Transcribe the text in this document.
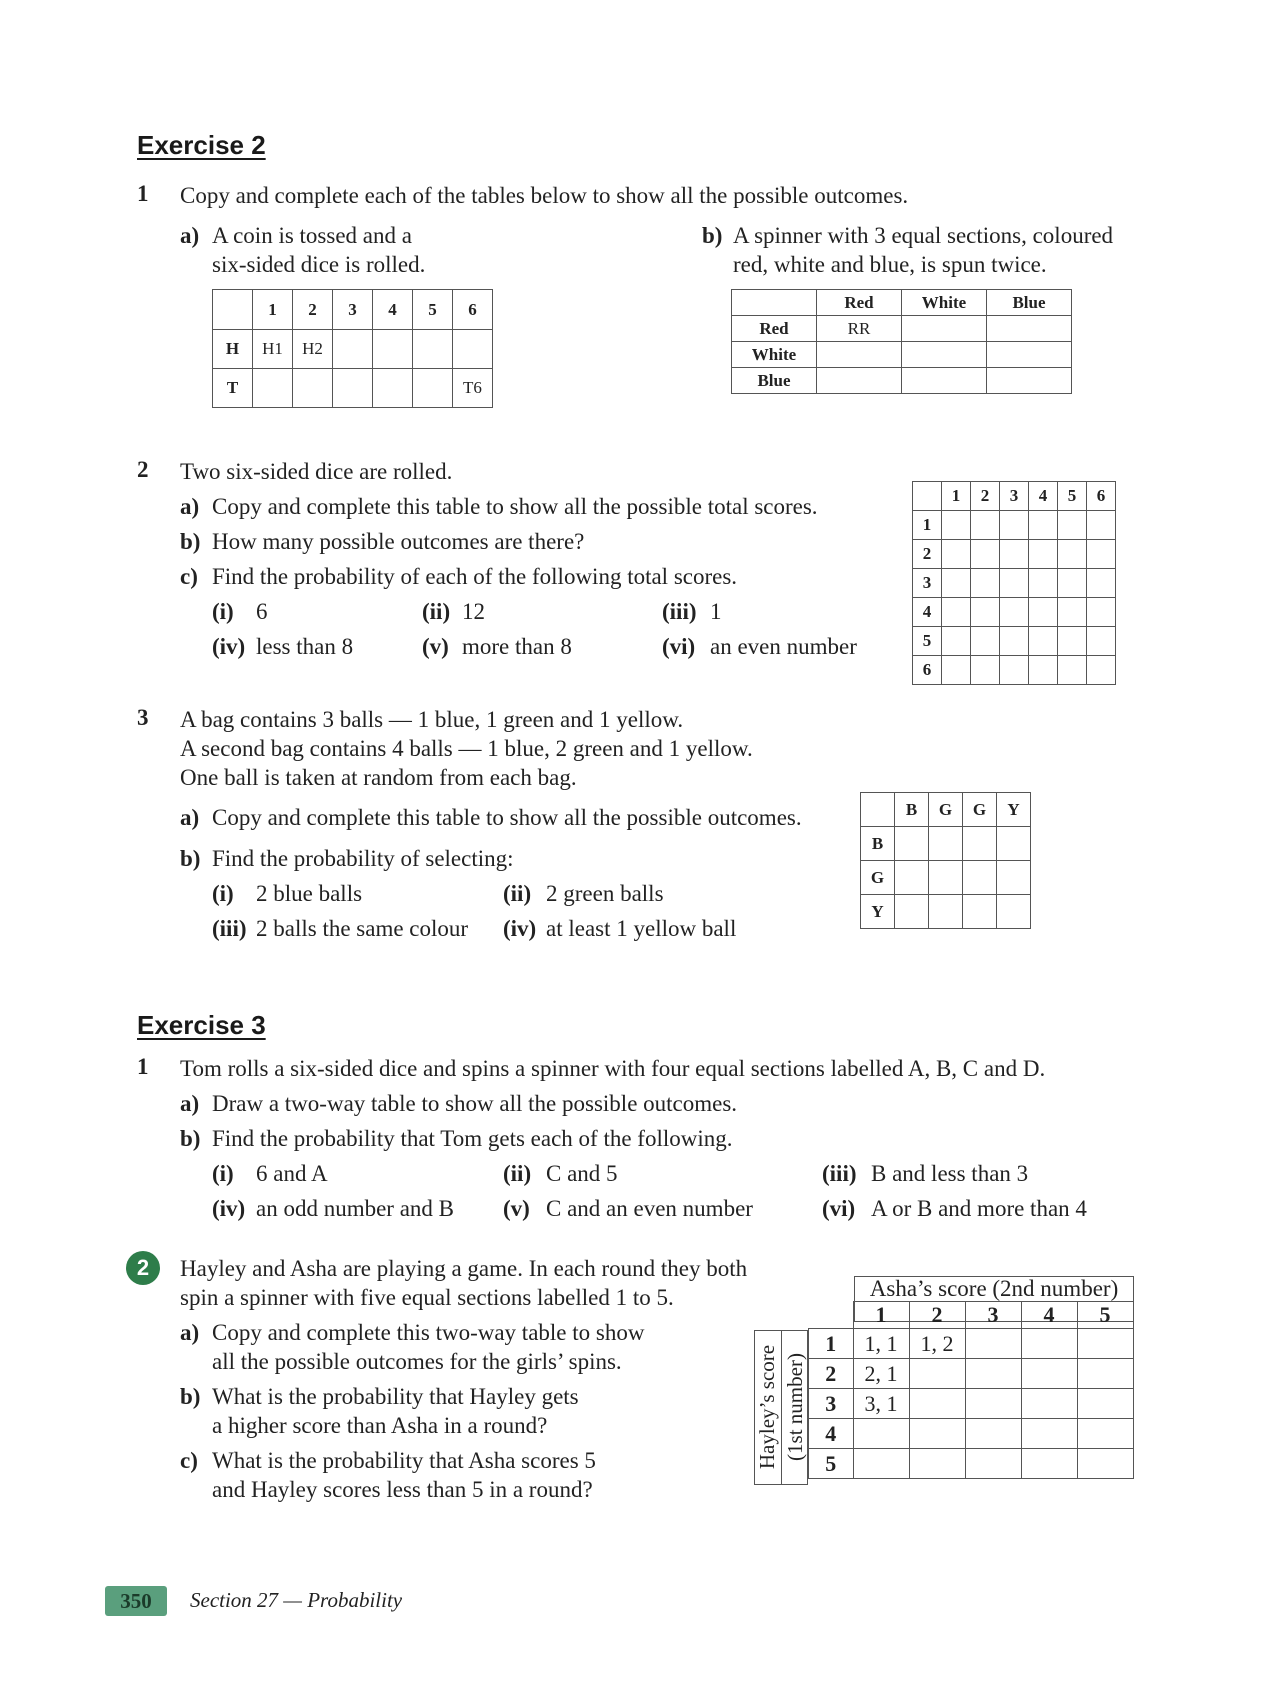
Exercise 2
1 Copy and complete each of the tables below to show all the possible outcomes.
a) A coin is tossed and a
six-sided dice is rolled.
b) A spinner with 3 equal sections, coloured
red, white and blue, is spun twice.
	1	2	3	4	5	6
H	H1	H2				
T						T6
	Red	White	Blue
Red	RR		
White			
Blue			
2 Two six-sided dice are rolled.
a) Copy and complete this table to show all the possible total scores.
b) How many possible outcomes are there?
c) Find the probability of each of the following total scores.
(i) 6	(ii) 12	(iii) 1
(iv) less than 8	(v) more than 8	(vi) an even number
	1	2	3	4	5	6
1						
2						
3						
4						
5						
6						
3 A bag contains 3 balls — 1 blue, 1 green and 1 yellow.
A second bag contains 4 balls — 1 blue, 2 green and 1 yellow.
One ball is taken at random from each bag.
a) Copy and complete this table to show all the possible outcomes.
b) Find the probability of selecting:
(i) 2 blue balls	(ii) 2 green balls
(iii) 2 balls the same colour (iv) at least 1 yellow ball
	B	G	G	Y
B				
G				
Y				
Exercise 3
1 Tom rolls a six-sided dice and spins a spinner with four equal sections labelled A, B, C and D.
a) Draw a two-way table to show all the possible outcomes.
b) Find the probability that Tom gets each of the following.
(i) 6 and A	(ii) C and 5	(iii) B and less than 3
(iv) an odd number and B (v) C and an even number	(vi) A or B and more than 4
2	Hayley and Asha are playing a game. In each round they both
spin a spinner with five equal sections labelled 1 to 5.
a) Copy and complete this two-way table to show
all the possible outcomes for the girls’ spins.
b) What is the probability that Hayley gets
a higher score than Asha in a round?
c) What is the probability that Asha scores 5
and Hayley scores less than 5 in a round?
Asha’s score (2nd number)
Hayley’s score (1st number)
	1	2	3	4	5
1	1, 1	1, 2			
2	2, 1				
3	3, 1				
4					
5					
350	Section 27 — Probability
